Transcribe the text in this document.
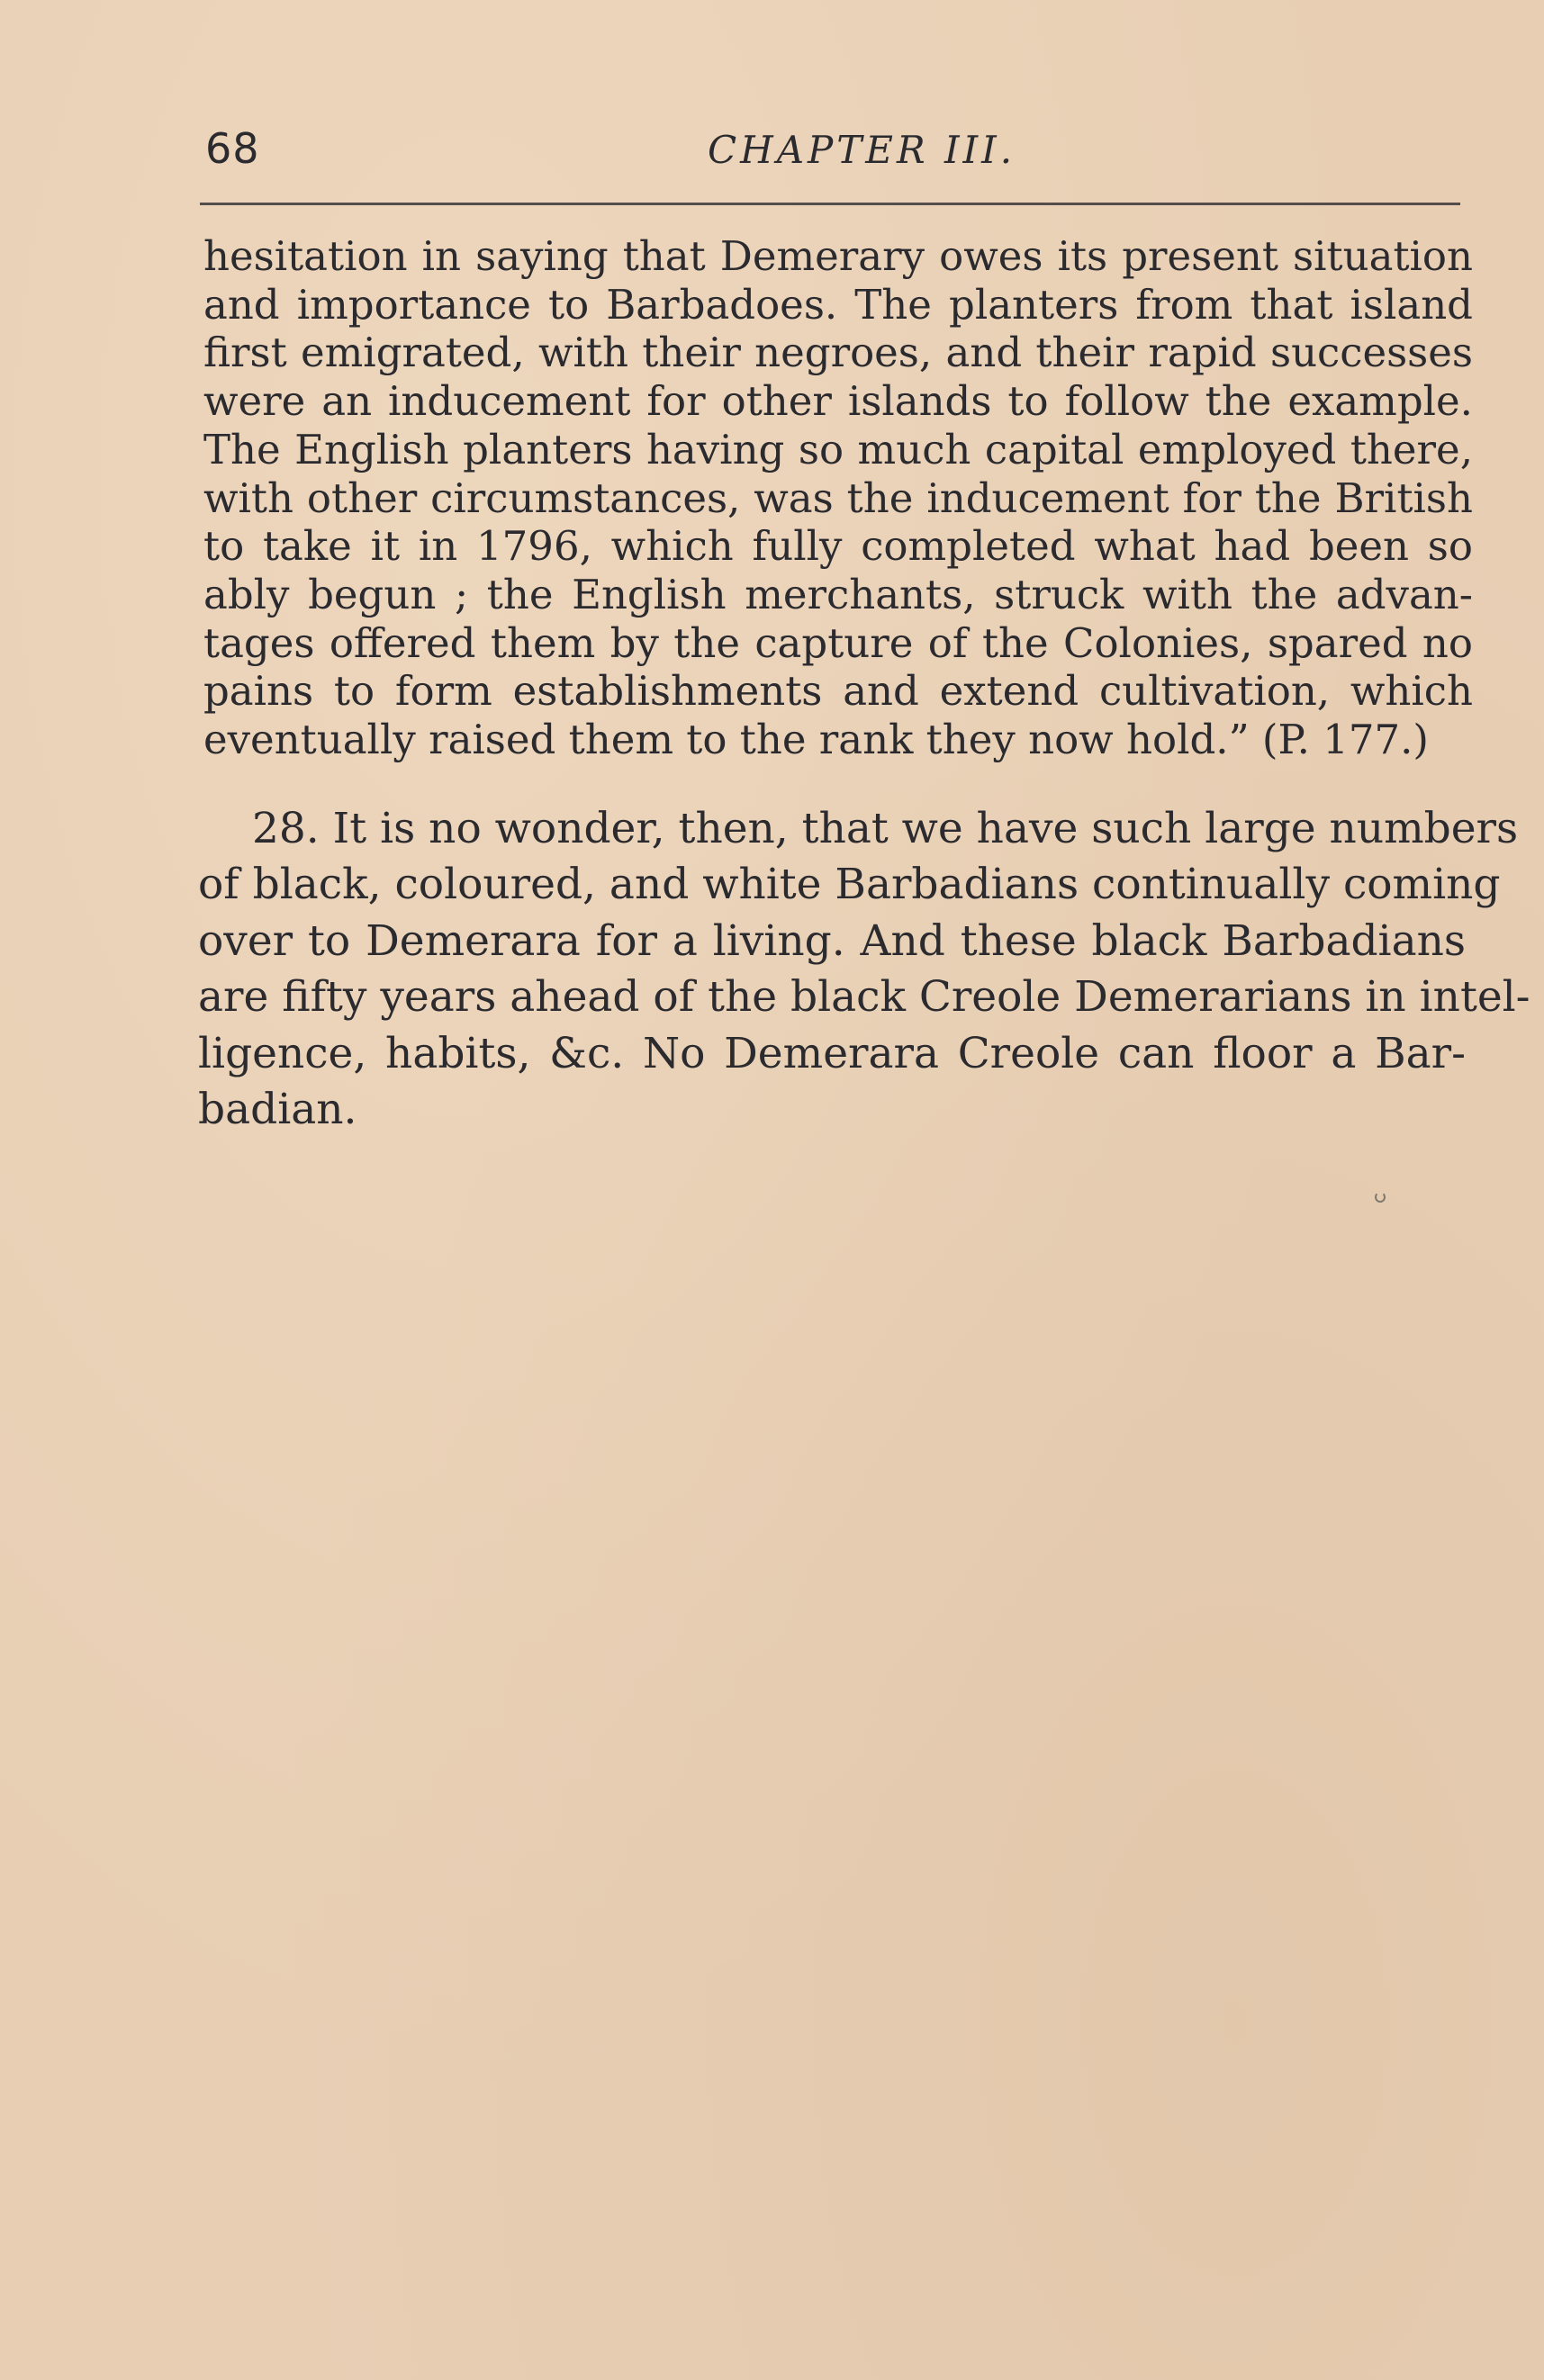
68	CHAPTER III.

hesitation in saying that Demerary owes its present situation
and importance to Barbadoes. The planters from that island
first emigrated, with their negroes, and their rapid successes
were an inducement for other islands to follow the example.
The English planters having so much capital employed there,
with other circumstances, was the inducement for the British
to take it in 1796, which fully completed what had been so
ably begun ; the English merchants, struck with the advan-
tages offered them by the capture of the Colonies, spared no
pains to form establishments and extend cultivation, which
eventually raised them to the rank they now hold.” (P. 177.)

28. It is no wonder, then, that we have such large numbers
of black, coloured, and white Barbadians continually coming
over to Demerara for a living. And these black Barbadians
are fifty years ahead of the black Creole Demerarians in intel-
ligence, habits, &c. No Demerara Creole can floor a Bar-
badian.
